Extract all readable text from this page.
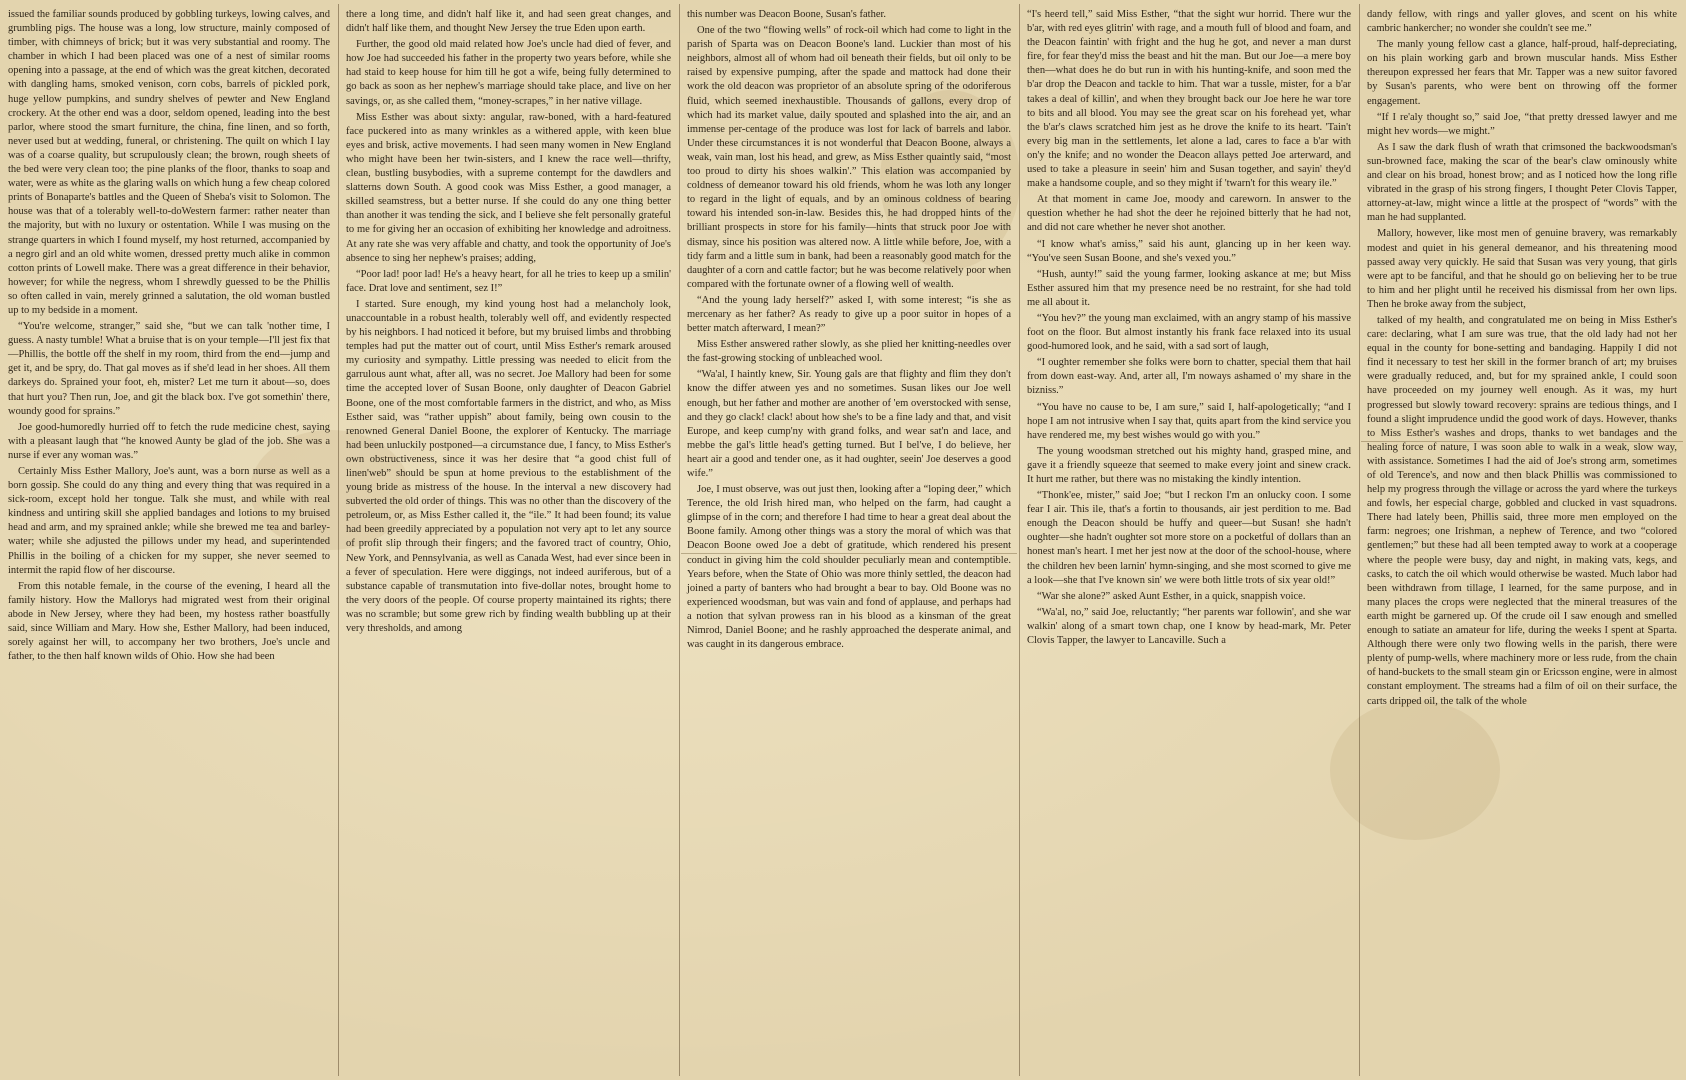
issued the familiar sounds produced by gobbling turkeys, lowing calves, and grumbling pigs. The house was a long, low structure, mainly composed of timber, with chimneys of brick; but it was very substantial and roomy. The chamber in which I had been placed was one of a nest of similar rooms opening into a passage, at the end of which was the great kitchen, decorated with dangling hams, smoked venison, corn cobs, barrels of pickled pork, huge yellow pumpkins, and sundry shelves of pewter and New England crockery. At the other end was a door, seldom opened, leading into the best parlor, where stood the smart furniture, the china, fine linen, and so forth, never used but at wedding, funeral, or christening. The quilt on which I lay was of a coarse quality, but scrupulously clean; the brown, rough sheets of the bed were very clean too; the pine planks of the floor, thanks to soap and water, were as white as the glaring walls on which hung a few cheap colored prints of Bonaparte's battles and the Queen of Sheba's visit to Solomon. The house was that of a tolerably well-to-doWestern farmer: rather neater than the majority, but with no luxury or ostentation. While I was musing on the strange quarters in which I found myself, my host returned, accompanied by a negro girl and an old white women, dressed pretty much alike in common cotton prints of Lowell make. There was a great difference in their behavior, however; for while the negress, whom I shrewdly guessed to be the Phillis so often called in vain, merely grinned a salutation, the old woman bustled up to my bedside in a moment.

“You're welcome, stranger,” said she, “but we can talk 'nother time, I guess. A nasty tumble! What a bruise that is on your temple—I'll jest fix that—Phillis, the bottle off the shelf in my room, third from the end—jump and get it, and be spry, do. That gal moves as if she'd lead in her shoes. All them darkeys do. Sprained your foot, eh, mister? Let me turn it about—so, does that hurt you? Then run, Joe, and git the black box. I've got somethin' there, woundy good for sprains.”

Joe good-humoredly hurried off to fetch the rude medicine chest, saying with a pleasant laugh that “he knowed Aunty be glad of the job. She was a nurse if ever any woman was.”

Certainly Miss Esther Mallory, Joe's aunt, was a born nurse as well as a born gossip. She could do any thing and every thing that was required in a sick-room, except hold her tongue. Talk she must, and while with real kindness and untiring skill she applied bandages and lotions to my bruised head and arm, and my sprained ankle; while she brewed me tea and barley-water; while she adjusted the pillows under my head, and superintended Phillis in the boiling of a chicken for my supper, she never seemed to intermit the rapid flow of her discourse.

From this notable female, in the course of the evening, I heard all the family history. How the Mallorys had migrated west from their original abode in New Jersey, where they had been, my hostess rather boastfully said, since William and Mary. How she, Esther Mallory, had been induced, sorely against her will, to accompany her two brothers, Joe's uncle and father, to the then half known wilds of Ohio. How she had been

there a long time, and didn't half like it, and had seen great changes, and didn't half like them, and thought New Jersey the true Eden upon earth.

Further, the good old maid related how Joe's uncle had died of fever, and how Joe had succeeded his father in the property two years before, while she had staid to keep house for him till he got a wife, being fully determined to go back as soon as her nephew's marriage should take place, and live on her savings, or, as she called them, “money-scrapes,” in her native village.

Miss Esther was about sixty: angular, raw-boned, with a hard-featured face puckered into as many wrinkles as a withered apple, with keen blue eyes and brisk, active movements. I had seen many women in New England who might have been her twin-sisters, and I knew the race well—thrifty, clean, bustling busybodies, with a supreme contempt for the dawdlers and slatterns down South. A good cook was Miss Esther, a good manager, a skilled seamstress, but a better nurse. If she could do any one thing better than another it was tending the sick, and I believe she felt personally grateful to me for giving her an occasion of exhibiting her knowledge and adroitness. At any rate she was very affable and chatty, and took the opportunity of Joe's absence to sing her nephew's praises; adding,

“Poor lad! poor lad! He's a heavy heart, for all he tries to keep up a smilin' face. Drat love and sentiment, sez I!”

I started. Sure enough, my kind young host had a melancholy look, unaccountable in a robust health, tolerably well off, and evidently respected by his neighbors. I had noticed it before, but my bruised limbs and throbbing temples had put the matter out of court, until Miss Esther's remark aroused my curiosity and sympathy. Little pressing was needed to elicit from the garrulous aunt what, after all, was no secret. Joe Mallory had been for some time the accepted lover of Susan Boone, only daughter of Deacon Gabriel Boone, one of the most comfortable farmers in the district, and who, as Miss Esther said, was “rather uppish” about family, being own cousin to the renowned General Daniel Boone, the explorer of Kentucky. The marriage had been unluckily postponed—a circumstance due, I fancy, to Miss Esther's own obstructiveness, since it was her desire that “a good chist full of linen'web” should be spun at home previous to the establishment of the young bride as mistress of the house. In the interval a new discovery had subverted the old order of things. This was no other than the discovery of the petroleum, or, as Miss Esther called it, the “ile.” It had been found; its value had been greedily appreciated by a population not very apt to let any source of profit slip through their fingers; and the favored tract of country, Ohio, New York, and Pennsylvania, as well as Canada West, had ever since been in a fever of speculation. Here were diggings, not indeed auriferous, but of a substance capable of transmutation into five-dollar notes, brought home to the very doors of the people. Of course property maintained its rights; there was no scramble; but some grew rich by finding wealth bubbling up at their very thresholds, and among

this number was Deacon Boone, Susan's father.

One of the two “flowing wells” of rock-oil which had come to light in the parish of Sparta was on Deacon Boone's land. Luckier than most of his neighbors, almost all of whom had oil beneath their fields, but oil only to be raised by expensive pumping, after the spade and mattock had done their work the old deacon was proprietor of an absolute spring of the odoriferous fluid, which seemed inexhaustible. Thousands of gallons, every drop of which had its market value, daily spouted and splashed into the air, and an immense per-centage of the produce was lost for lack of barrels and labor. Under these circumstances it is not wonderful that Deacon Boone, always a weak, vain man, lost his head, and grew, as Miss Esther quaintly said, “most too proud to dirty his shoes walkin'.” This elation was accompanied by coldness of demeanor toward his old friends, whom he was loth any longer to regard in the light of equals, and by an ominous coldness of bearing toward his intended son-in-law. Besides this, he had dropped hints of the brilliant prospects in store for his family—hints that struck poor Joe with dismay, since his position was altered now. A little while before, Joe, with a tidy farm and a little sum in bank, had been a reasonably good match for the daughter of a corn and cattle factor; but he was become relatively poor when compared with the fortunate owner of a flowing well of wealth.

“And the young lady herself?” asked I, with some interest; “is she as mercenary as her father? As ready to give up a poor suitor in hopes of a better match afterward, I mean?”

Miss Esther answered rather slowly, as she plied her knitting-needles over the fast-growing stocking of unbleached wool.

“Wa'al, I haintly knew, Sir. Young gals are that flighty and flim they don't know the differ atween yes and no sometimes. Susan likes our Joe well enough, but her father and mother are another of 'em overstocked with sense, and they go clack! clack! about how she's to be a fine lady and that, and visit Europe, and keep cump'ny with grand folks, and wear sat'n and lace, and mebbe the gal's little head's getting turned. But I bel've, I do believe, her heart air a good and tender one, as it had oughter, seein' Joe deserves a good wife.”

Joe, I must observe, was out just then, looking after a “loping deer,” which Terence, the old Irish hired man, who helped on the farm, had caught a glimpse of in the corn; and therefore I had time to hear a great deal about the Boone family. Among other things was a story the moral of which was that Deacon Boone owed Joe a debt of gratitude, which rendered his present conduct in giving him the cold shoulder peculiarly mean and contemptible. Years before, when the State of Ohio was more thinly settled, the deacon had joined a party of banters who had brought a bear to bay. Old Boone was no experienced woodsman, but was vain and fond of applause, and perhaps had a notion that sylvan prowess ran in his blood as a kinsman of the great Nimrod, Daniel Boone; and he rashly approached the desperate animal, and was caught in its dangerous embrace.

“I's heerd tell,” said Miss Esther, “that the sight wur horrid. There wur the b'ar, with red eyes glitrin' with rage, and a mouth full of blood and foam, and the Deacon faintin' with fright and the hug he got, and never a man durst fire, for fear they'd miss the beast and hit the man. But our Joe—a mere boy then—what does he do but run in with his hunting-knife, and soon med the b'ar drop the Deacon and tackle to him. That war a tussle, mister, for a b'ar takes a deal of killin', and when they brought back our Joe here he war tore to bits and all blood. You may see the great scar on his forehead yet, whar the b'ar's claws scratched him jest as he drove the knife to its heart. 'Tain't every big man in the settlements, let alone a lad, cares to face a b'ar with on'y the knife; and no wonder the Deacon allays petted Joe arterward, and used to take a pleasure in seein' him and Susan together, and sayin' they'd make a handsome couple, and so they might if 'twarn't for this weary ile.”

At that moment in came Joe, moody and careworn. In answer to the question whether he had shot the deer he rejoined bitterly that he had not, and did not care whether he never shot another.

“I know what's amiss,” said his aunt, glancing up in her keen way. “You've seen Susan Boone, and she's vexed you.”

“Hush, aunty!” said the young farmer, looking askance at me; but Miss Esther assured him that my presence need be no restraint, for she had told me all about it.

“You hev?” the young man exclaimed, with an angry stamp of his massive foot on the floor. But almost instantly his frank face relaxed into its usual good-humored look, and he said, with a sad sort of laugh,

“I oughter remember she folks were born to chatter, special them that hail from down east-way. And, arter all, I'm noways ashamed o' my share in the bizniss.”

“You have no cause to be, I am sure,” said I, half-apologetically; “and I hope I am not intrusive when I say that, quits apart from the kind service you have rendered me, my best wishes would go with you.”

The young woodsman stretched out his mighty hand, grasped mine, and gave it a friendly squeeze that seemed to make every joint and sinew crack. It hurt me rather, but there was no mistaking the kindly intention.

“Thonk'ee, mister,” said Joe; “but I reckon I'm an onlucky coon. I some fear I air. This ile, that's a fortin to thousands, air jest perdition to me. Bad enough the Deacon should be huffy and queer—but Susan! she hadn't oughter—she hadn't oughter sot more store on a pocketful of dollars than an honest man's heart. I met her jest now at the door of the school-house, where the children hev been larnin' hymn-singing, and she most scorned to give me a look—she that I've known sin' we were both little trots of six year old!”

“War she alone?” asked Aunt Esther, in a quick, snappish voice.

“Wa'al, no,” said Joe, reluctantly; “her parents war followin', and she war walkin' along of a smart town chap, one I know by head-mark, Mr. Peter Clovis Tapper, the lawyer to Lancaville. Such a

dandy fellow, with rings and yaller gloves, and scent on his white cambric hankercher; no wonder she couldn't see me.”

The manly young fellow cast a glance, half-proud, half-depreciating, on his plain working garb and brown muscular hands. Miss Esther thereupon expressed her fears that Mr. Tapper was a new suitor favored by Susan's parents, who were bent on throwing off the former engagement.

“If I re'aly thought so,” said Joe, “that pretty dressed lawyer and me might hev words—we might.”

As I saw the dark flush of wrath that crimsoned the backwoodsman's sun-browned face, making the scar of the bear's claw ominously white and clear on his broad, honest brow; and as I noticed how the long rifle vibrated in the grasp of his strong fingers, I thought Peter Clovis Tapper, attorney-at-law, might wince a little at the prospect of “words” with the man he had supplanted.

Mallory, however, like most men of genuine bravery, was remarkably modest and quiet in his general demeanor, and his threatening mood passed away very quickly. He said that Susan was very young, that girls were apt to be fanciful, and that he should go on believing her to be true to him and her plight until he received his dismissal from her own lips. Then he broke away from the subject,

talked of my health, and congratulated me on being in Miss Esther's care: declaring, what I am sure was true, that the old lady had not her equal in the county for bone-setting and bandaging. Happily I did not find it necessary to test her skill in the former branch of art; my bruises were gradually reduced, and, but for my sprained ankle, I could soon have proceeded on my journey well enough. As it was, my hurt progressed but slowly toward recovery: sprains are tedious things, and I found a slight imprudence undid the good work of days. However, thanks to Miss Esther's washes and drops, thanks to wet bandages and the healing force of nature, I was soon able to walk in a weak, slow way, with assistance. Sometimes I had the aid of Joe's strong arm, sometimes of old Terence's, and now and then black Phillis was commissioned to help my progress through the village or across the yard where the turkeys and fowls, her especial charge, gobbled and clucked in vast squadrons. There had lately been, Phillis said, three more men employed on the farm: negroes; one Irishman, a nephew of Terence, and two “colored gentlemen;” but these had all been tempted away to work at a cooperage where the people were busy, day and night, in making vats, kegs, and casks, to catch the oil which would otherwise be wasted. Much labor had been withdrawn from tillage, I learned, for the same purpose, and in many places the crops were neglected that the mineral treasures of the earth might be garnered up. Of the crude oil I saw enough and smelled enough to satiate an amateur for life, during the weeks I spent at Sparta. Although there were only two flowing wells in the parish, there were plenty of pump-wells, where machinery more or less rude, from the chain of hand-buckets to the small steam gin or Ericsson engine, were in almost constant employment. The streams had a film of oil on their surface, the carts dripped oil, the talk of the whole
